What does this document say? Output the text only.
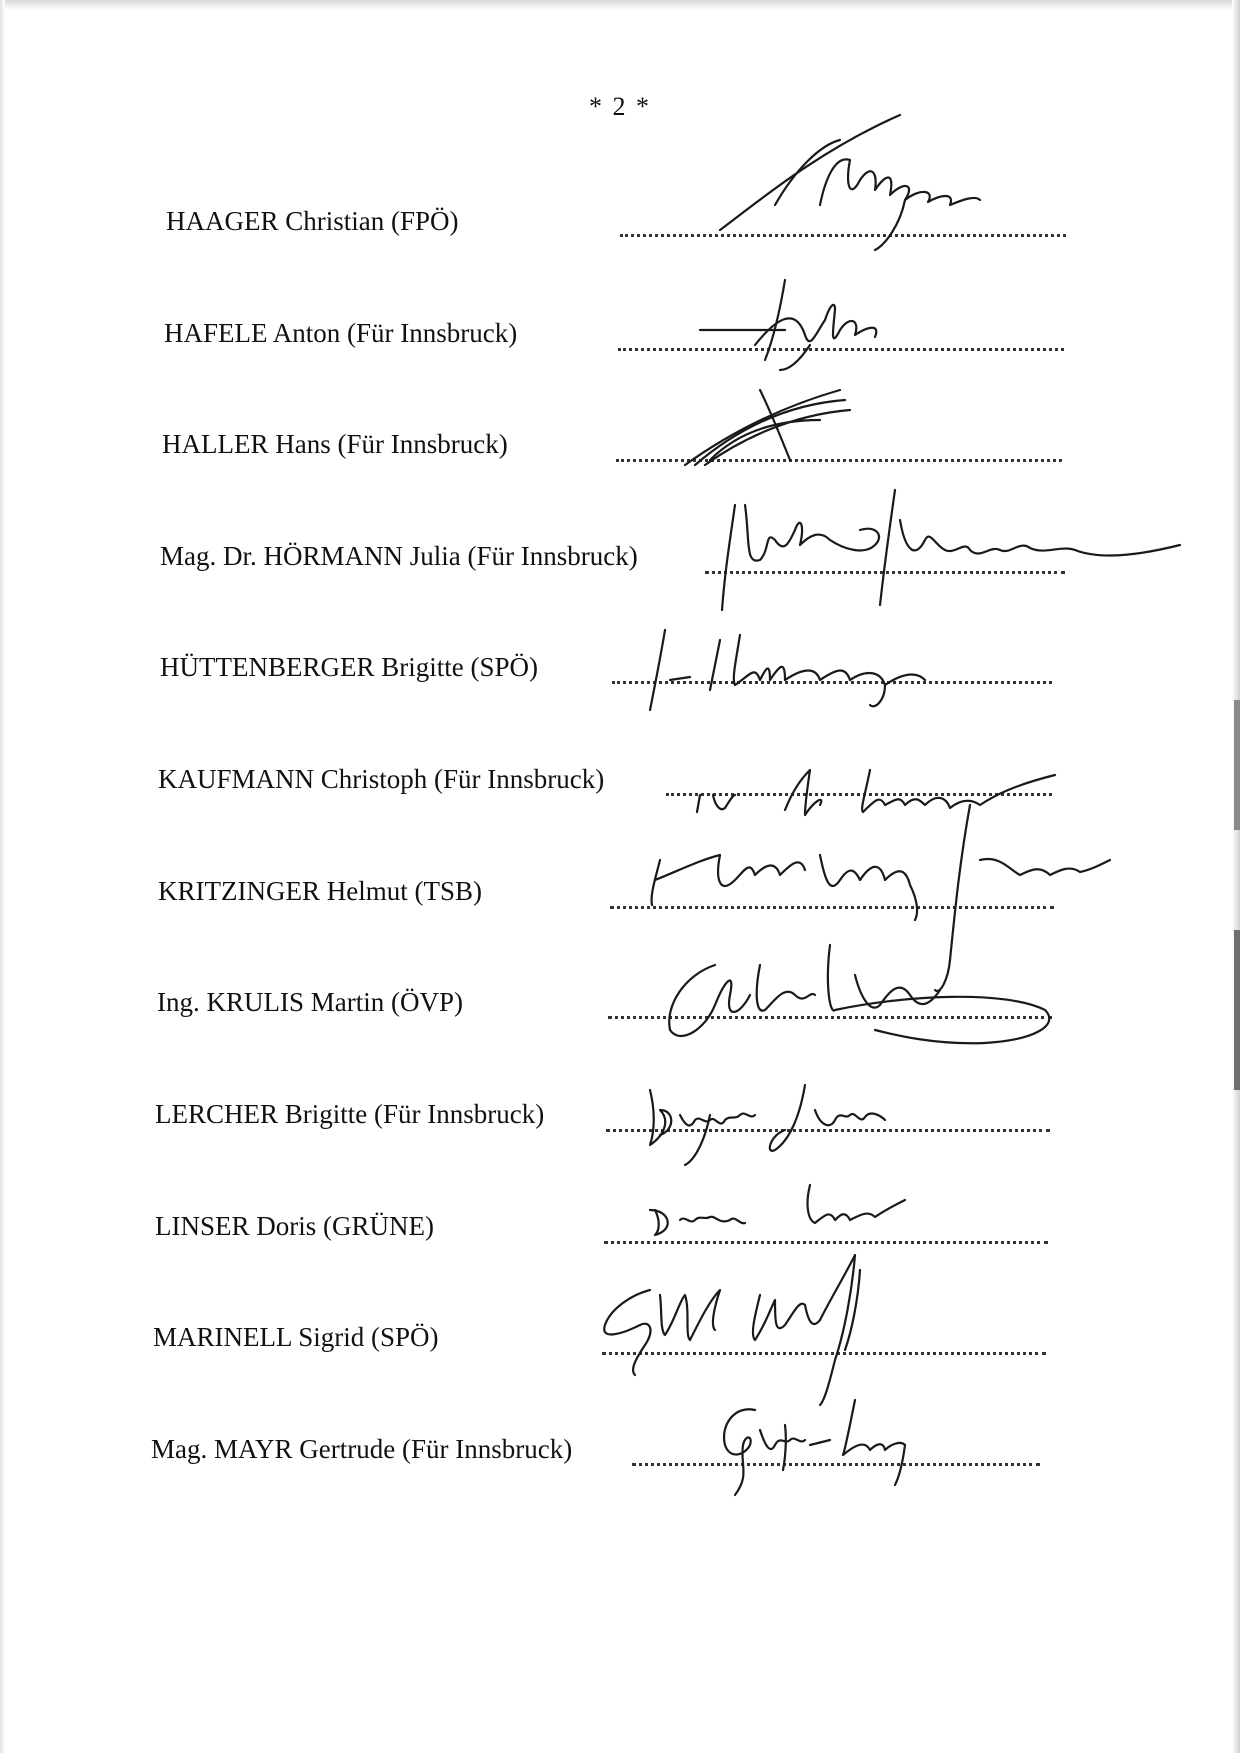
* 2 *
HAAGER Christian (FPÖ)
HAFELE Anton (Für Innsbruck)
HALLER Hans (Für Innsbruck)
Mag. Dr. HÖRMANN Julia (Für Innsbruck)
HÜTTENBERGER Brigitte (SPÖ)
KAUFMANN Christoph (Für Innsbruck)
KRITZINGER Helmut (TSB)
Ing. KRULIS Martin (ÖVP)
LERCHER Brigitte (Für Innsbruck)
LINSER Doris (GRÜNE)
MARINELL Sigrid (SPÖ)
Mag. MAYR Gertrude (Für Innsbruck)
